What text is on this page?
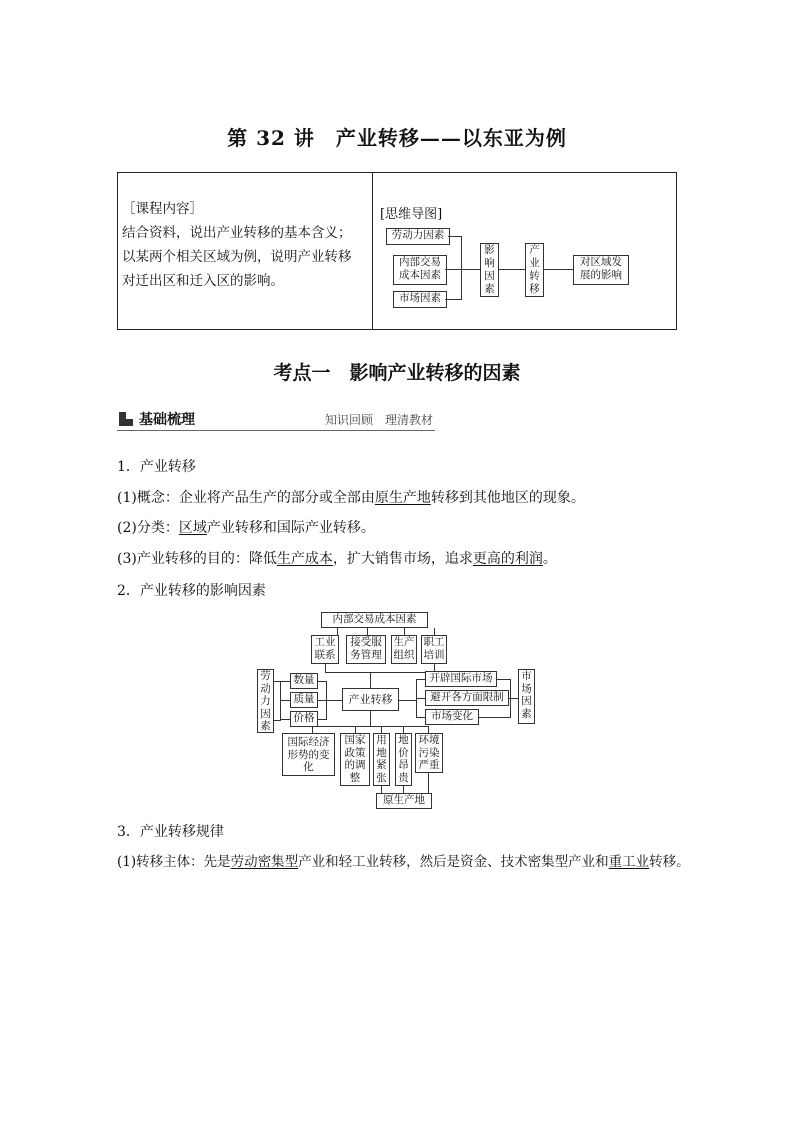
第 32 讲　产业转移——以东亚为例

［课程内容］

结合资料，说出产业转移的基本含义；

以某两个相关区域为例，说明产业转移

对迁出区和迁入区的影响。

[思维导图]
劳动力因素
内部交易
成本因素
市场因素
影
响
因
素
产
业
转
移
对区域发
展的影响
考点一　影响产业转移的因素
基础梳理	知识回顾　理清教材
1．产业转移
(1)概念：企业将产品生产的部分或全部由原生产地转移到其他地区的现象。
(2)分类：区域产业转移和国际产业转移。
(3)产业转移的目的：降低生产成本，扩大销售市场，追求更高的利润。
2．产业转移的影响因素
内部交易成本因素
工业
联系
接受服
务管理
生产
组织
职工
培训
劳
动
力
因
素
数量
质量
价格
产业转移
开辟国际市场
避开各方面限制
市场变化
市
场
因
素
国际经济
形势的变
化
国家
政策
的调
整
用
地
紧
张
地
价
昂
贵
环境
污染
严重
原生产地
3．产业转移规律
(1)转移主体：先是劳动密集型产业和轻工业转移，然后是资金、技术密集型产业和重工业转移。
